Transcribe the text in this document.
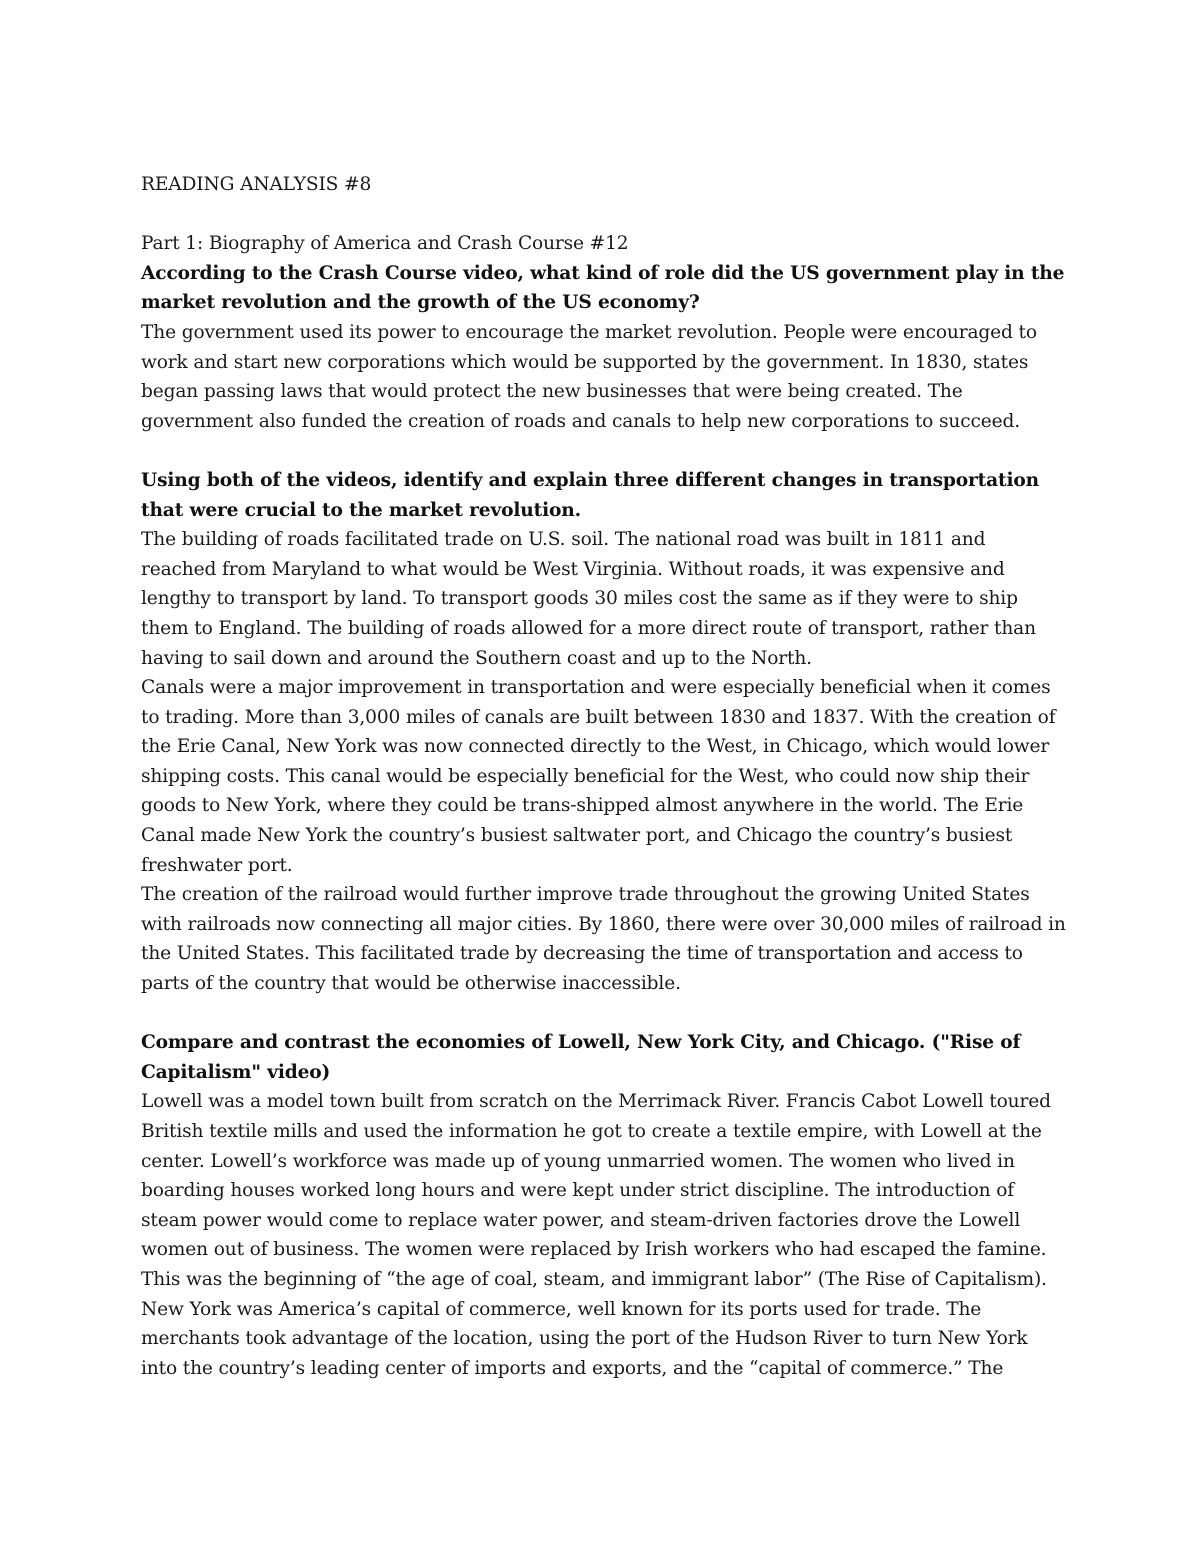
READING ANALYSIS #8

Part 1: Biography of America and Crash Course #12

According to the Crash Course video, what kind of role did the US government play in the market revolution and the growth of the US economy?

The government used its power to encourage the market revolution. People were encouraged to work and start new corporations which would be supported by the government. In 1830, states began passing laws that would protect the new businesses that were being created. The government also funded the creation of roads and canals to help new corporations to succeed.

Using both of the videos, identify and explain three different changes in transportation that were crucial to the market revolution.

The building of roads facilitated trade on U.S. soil. The national road was built in 1811 and reached from Maryland to what would be West Virginia. Without roads, it was expensive and lengthy to transport by land. To transport goods 30 miles cost the same as if they were to ship them to England. The building of roads allowed for a more direct route of transport, rather than having to sail down and around the Southern coast and up to the North.

Canals were a major improvement in transportation and were especially beneficial when it comes to trading. More than 3,000 miles of canals are built between 1830 and 1837. With the creation of the Erie Canal, New York was now connected directly to the West, in Chicago, which would lower shipping costs. This canal would be especially beneficial for the West, who could now ship their goods to New York, where they could be trans-shipped almost anywhere in the world. The Erie Canal made New York the country’s busiest saltwater port, and Chicago the country’s busiest freshwater port.

The creation of the railroad would further improve trade throughout the growing United States with railroads now connecting all major cities. By 1860, there were over 30,000 miles of railroad in the United States. This facilitated trade by decreasing the time of transportation and access to parts of the country that would be otherwise inaccessible.

Compare and contrast the economies of Lowell, New York City, and Chicago. ("Rise of Capitalism" video)

Lowell was a model town built from scratch on the Merrimack River. Francis Cabot Lowell toured British textile mills and used the information he got to create a textile empire, with Lowell at the center. Lowell’s workforce was made up of young unmarried women. The women who lived in boarding houses worked long hours and were kept under strict discipline. The introduction of steam power would come to replace water power, and steam-driven factories drove the Lowell women out of business. The women were replaced by Irish workers who had escaped the famine. This was the beginning of “the age of coal, steam, and immigrant labor” (The Rise of Capitalism).

New York was America’s capital of commerce, well known for its ports used for trade. The merchants took advantage of the location, using the port of the Hudson River to turn New York into the country’s leading center of imports and exports, and the “capital of commerce.” The
